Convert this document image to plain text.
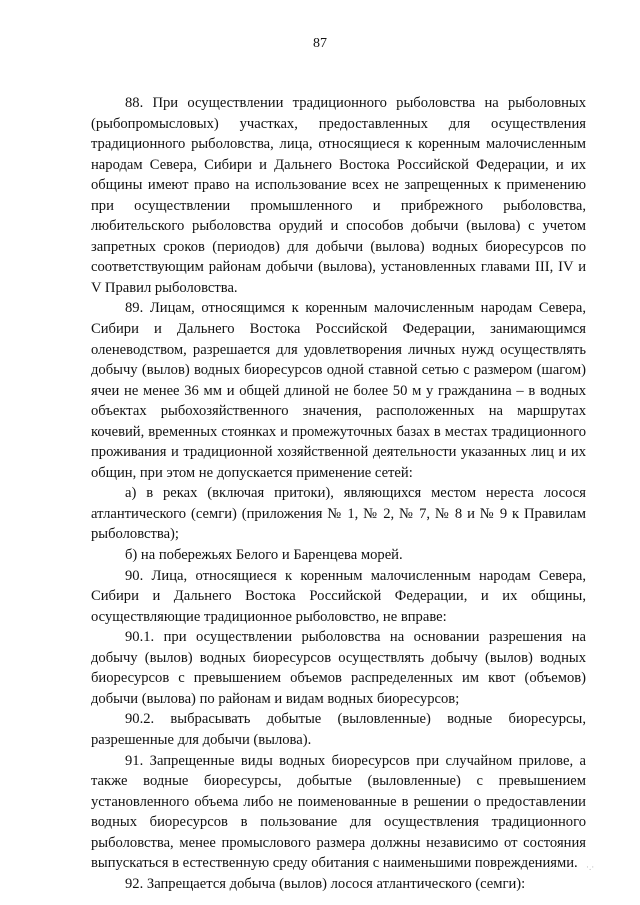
87

88. При осуществлении традиционного рыболовства на рыболовных (рыбопромысловых) участках, предоставленных для осуществления традиционного рыболовства, лица, относящиеся к коренным малочисленным народам Севера, Сибири и Дальнего Востока Российской Федерации, и их общины имеют право на использование всех не запрещенных к применению при осуществлении промышленного и прибрежного рыболовства, любительского рыболовства орудий и способов добычи (вылова) с учетом запретных сроков (периодов) для добычи (вылова) водных биоресурсов по соответствующим районам добычи (вылова), установленных главами III, IV и V Правил рыболовства.

89. Лицам, относящимся к коренным малочисленным народам Севера, Сибири и Дальнего Востока Российской Федерации, занимающимся оленеводством, разрешается для удовлетворения личных нужд осуществлять добычу (вылов) водных биоресурсов одной ставной сетью с размером (шагом) ячеи не менее 36 мм и общей длиной не более 50 м у гражданина – в водных объектах рыбохозяйственного значения, расположенных на маршрутах кочевий, временных стоянках и промежуточных базах в местах традиционного проживания и традиционной хозяйственной деятельности указанных лиц и их общин, при этом не допускается применение сетей:

а) в реках (включая притоки), являющихся местом нереста лосося атлантического (семги) (приложения № 1, № 2, № 7, № 8 и № 9 к Правилам рыболовства);

б) на побережьях Белого и Баренцева морей.

90. Лица, относящиеся к коренным малочисленным народам Севера, Сибири и Дальнего Востока Российской Федерации, и их общины, осуществляющие традиционное рыболовство, не вправе:

90.1. при осуществлении рыболовства на основании разрешения на добычу (вылов) водных биоресурсов осуществлять добычу (вылов) водных биоресурсов с превышением объемов распределенных им квот (объемов) добычи (вылова) по районам и видам водных биоресурсов;

90.2. выбрасывать добытые (выловленные) водные биоресурсы, разрешенные для добычи (вылова).

91. Запрещенные виды водных биоресурсов при случайном прилове, а также водные биоресурсы, добытые (выловленные) с превышением установленного объема либо не поименованные в решении о предоставлении водных биоресурсов в пользование для осуществления традиционного рыболовства, менее промыслового размера должны независимо от состояния выпускаться в естественную среду обитания с наименьшими повреждениями.

92. Запрещается добыча (вылов) лосося атлантического (семги):

·.·
